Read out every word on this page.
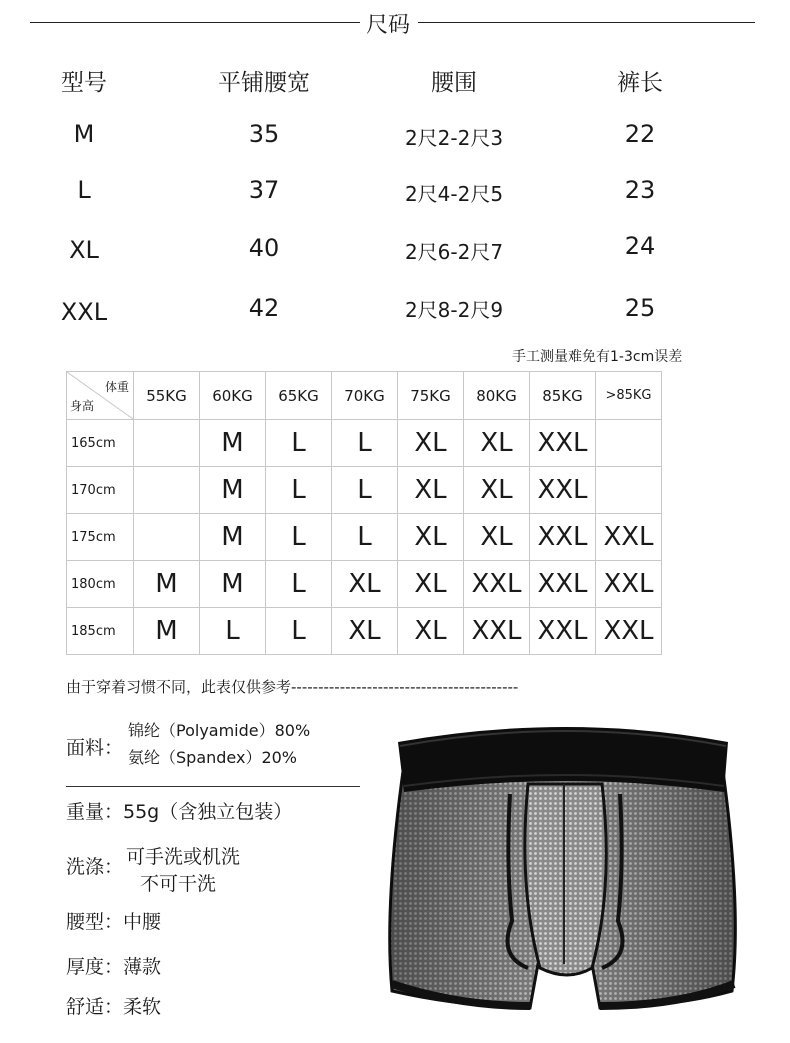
尺码
型号	平铺腰宽	腰围	裤长
M	35	2尺2-2尺3	22
L	37	2尺4-2尺5	23
XL	40	2尺6-2尺7	24
XXL	42	2尺8-2尺9	25
手工测量难免有1-3cm误差
体重
身高	55KG	60KG	65KG	70KG	75KG	80KG	85KG	>85KG
165cm		M	L	L	XL	XL	XXL	
170cm		M	L	L	XL	XL	XXL	
175cm		M	L	L	XL	XL	XXL	XXL
180cm	M	M	L	XL	XL	XXL	XXL	XXL
185cm	M	L	L	XL	XL	XXL	XXL	XXL
由于穿着习惯不同，此表仅供参考------------------------------------------
面料：
锦纶（Polyamide）80%
氨纶（Spandex）20%
重量：55g（含独立包装）
洗涤： 可手洗或机洗
不可干洗
腰型：中腰
厚度：薄款
舒适：柔软
